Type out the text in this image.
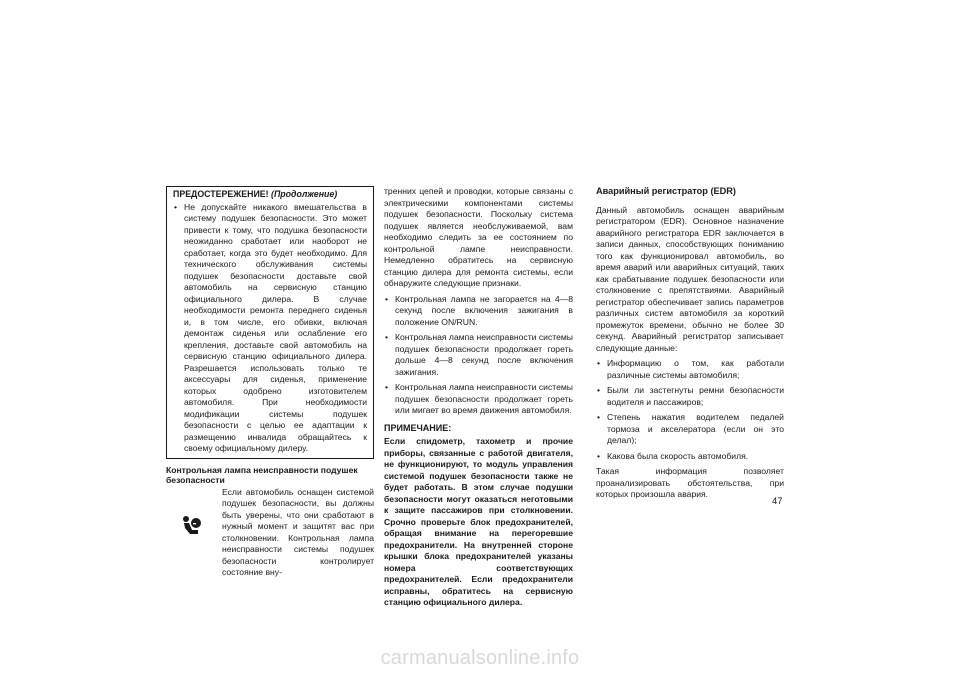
ПРЕДОСТЕРЕЖЕНИЕ! (Продолжение)
• Не допускайте никакого вмешательства в систему подушек безопасности. Это может привести к тому, что подушка безопасности неожиданно сработает или наоборот не сработает, когда это будет необходимо. Для технического обслуживания системы подушек безопасности доставьте свой автомобиль на сервисную станцию официального дилера. В случае необходимости ремонта переднего сиденья и, в том числе, его обивки, включая демонтаж сиденья или ослабление его крепления, доставьте свой автомобиль на сервисную станцию официального дилера. Разрешается использовать только те аксессуары для сиденья, применение которых одобрено изготовителем автомобиля. При необходимости модификации системы подушек безопасности с целью ее адаптации к размещению инвалида обращайтесь к своему официальному дилеру.
Контрольная лампа неисправности подушек безопасности

Если автомобиль оснащен системой подушек безопасности, вы должны быть уверены, что они сработают в нужный момент и защитят вас при столкновении. Контрольная лампа неисправности системы подушек безопасности контролирует состояние вну-

тренних цепей и проводки, которые связаны с электрическими компонентами системы подушек безопасности. Поскольку система подушек является необслуживаемой, вам необходимо следить за ее состоянием по контрольной лампе неисправности. Немедленно обратитесь на сервисную станцию дилера для ремонта системы, если обнаружите следующие признаки.

• Контрольная лампа не загорается на 4—8 секунд после включения зажигания в положение ON/RUN.
• Контрольная лампа неисправности системы подушек безопасности продолжает гореть дольше 4—8 секунд после включения зажигания.
• Контрольная лампа неисправности системы подушек безопасности продолжает гореть или мигает во время движения автомобиля.
ПРИМЕЧАНИЕ:
Если спидометр, тахометр и прочие приборы, связанные с работой двигателя, не функционируют, то модуль управления системой подушек безопасности также не будет работать. В этом случае подушки безопасности могут оказаться неготовыми к защите пассажиров при столкновении. Срочно проверьте блок предохранителей, обращая внимание на перегоревшие предохранители. На внутренней стороне крышки блока предохранителей указаны номера соответствующих предохранителей. Если предохранители исправны, обратитесь на сервисную станцию официального дилера.
Аварийный регистратор (EDR)

Данный автомобиль оснащен аварийным регистратором (EDR). Основное назначение аварийного регистратора EDR заключается в записи данных, способствующих пониманию того как функционировал автомобиль, во время аварий или аварийных ситуаций, таких как срабатывание подушек безопасности или столкновение с препятствиями. Аварийный регистратор обеспечивает запись параметров различных систем автомобиля за короткий промежуток времени, обычно не более 30 секунд. Аварийный регистратор записывает следующие данные:

• Информацию о том, как работали различные системы автомобиля;
• Были ли застегнуты ремни безопасности водителя и пассажиров;
• Степень нажатия водителем педалей тормоза и акселератора (если он это делал);
• Какова была скорость автомобиля.

Такая информация позволяет проанализировать обстоятельства, при которых произошла авария.

47
carmanualsonline.info
